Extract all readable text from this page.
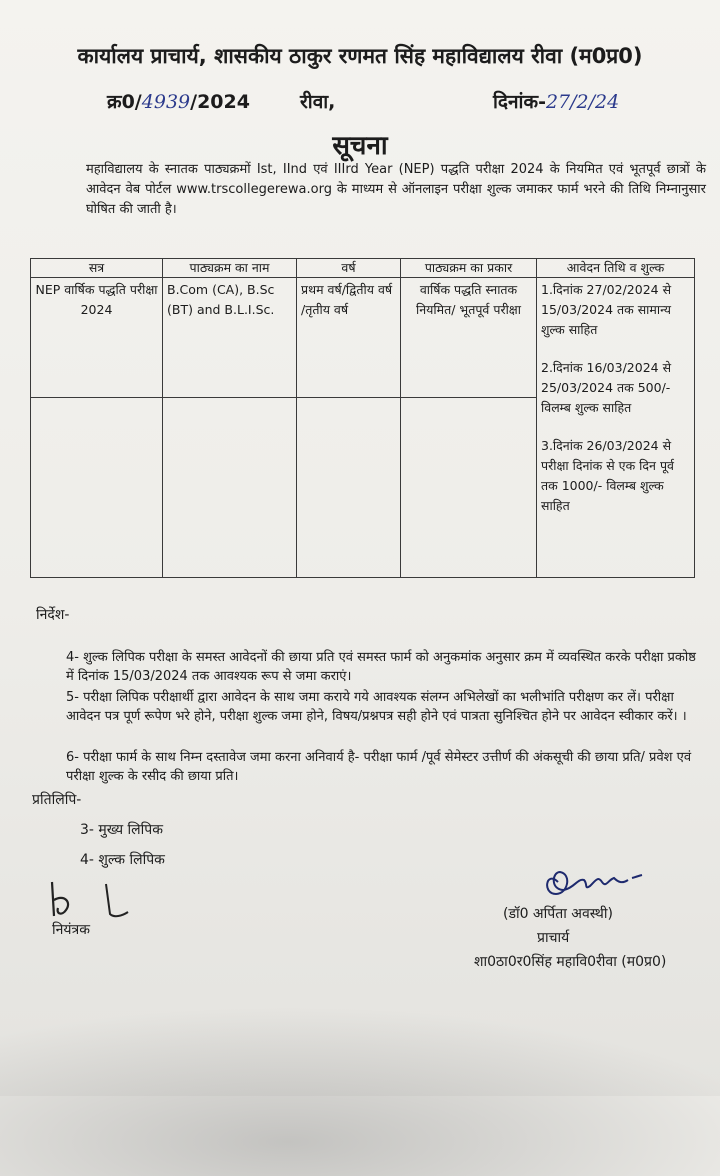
कार्यालय प्राचार्य, शासकीय ठाकुर रणमत सिंह महाविद्यालय रीवा (म0प्र0)
क्र0/4939/2024	रीवा,	दिनांक-27/2/24
सूचना
महाविद्यालय के स्नातक पाठ्यक्रमों Ist, IInd एवं IIIrd Year (NEP) पद्धति परीक्षा 2024 के नियमित एवं भूतपूर्व छात्रों के आवेदन वेब पोर्टल www.trscollegerewa.org के माध्यम से ऑनलाइन परीक्षा शुल्क जमाकर फार्म भरने की तिथि निम्नानुसार घोषित की जाती है।
सत्र	पाठ्यक्रम का नाम	वर्ष	पाठ्यक्रम का प्रकार	आवेदन तिथि व शुल्क
NEP वार्षिक पद्धति परीक्षा 2024	B.Com (CA), B.Sc (BT) and B.L.I.Sc.	प्रथम वर्ष/द्वितीय वर्ष /तृतीय वर्ष	वार्षिक पद्धति स्नातक नियमित/ भूतपूर्व परीक्षा	1.दिनांक 27/02/2024 से 15/03/2024 तक सामान्य शुल्क साहित
2.दिनांक 16/03/2024 से 25/03/2024 तक 500/- विलम्ब शुल्क साहित
3.दिनांक 26/03/2024 से परीक्षा दिनांक से एक दिन पूर्व तक 1000/- विलम्ब शुल्क साहित

निर्देश-
4- शुल्क लिपिक परीक्षा के समस्त आवेदनों की छाया प्रति एवं समस्त फार्म को अनुकमांक अनुसार क्रम में व्यवस्थित करके परीक्षा प्रकोष्ठ में दिनांक 15/03/2024 तक आवश्यक रूप से जमा कराएं।
5- परीक्षा लिपिक परीक्षार्थी द्वारा आवेदन के साथ जमा कराये गये आवश्यक संलग्न अभिलेखों का भलीभांति परीक्षण कर लें। परीक्षा आवेदन पत्र पूर्ण रूपेण भरे होने, परीक्षा शुल्क जमा होने, विषय/प्रश्नपत्र सही होने एवं पात्रता सुनिश्चित होने पर आवेदन स्वीकार करें। ।
6- परीक्षा फार्म के साथ निम्न दस्तावेज जमा करना अनिवार्य है- परीक्षा फार्म /पूर्व सेमेस्टर उत्तीर्ण की अंकसूची की छाया प्रति/ प्रवेश एवं परीक्षा शुल्क के रसीद की छाया प्रति।
प्रतिलिपि-
3- मुख्य लिपिक
4- शुल्क लिपिक
नियंत्रक
(डॉ0 अर्पिता अवस्थी)
प्राचार्य
शा0ठा0र0सिंह महावि0रीवा (म0प्र0)
